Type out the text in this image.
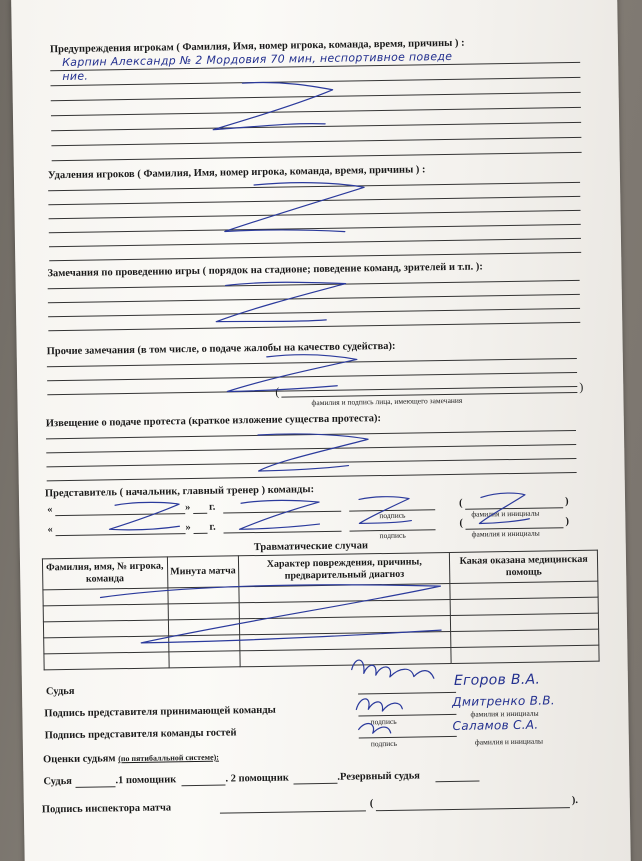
Предупреждения игрокам ( Фамилия, Имя, номер игрока, команда, время, причины ) :
Карпин Александр № 2 Мордовия 70 мин, неспортивное поведе
ние.
Удаления игроков ( Фамилия, Имя, номер игрока, команда, время, причины ) :
Замечания по проведению игры ( порядок на стадионе; поведение команд, зрителей и т.п. ):
Прочие замечания (в том числе, о подаче жалобы на качество судейства):
(	)
фамилия и подпись лица, имеющего замечания
Извещение о подаче протеста (краткое изложение существа протеста):
Представитель ( начальник, главный тренер ) команды:
«	» г.
подпись
(
фамилия и инициалы
)
«	» г.
подпись
(
фамилия и инициалы
)
Травматические случаи
Фамилия, имя, № игрока, команда	Минута матча	Характер повреждения, причины, предварительный диагноз	Какая оказана медицинская помощь

Судья
Егоров В.А.
Подпись представителя принимающей команды
подпись
Дмитренко В.В.
фамилия и инициалы
Подпись представителя команды гостей
подпись
Саламов С.А.
фамилия и инициалы
Оценки судьям (по пятибалльной системе):
Судья	.1 помощник	. 2 помощник	.Резервный судья
Подпись инспектора матча	(	).
